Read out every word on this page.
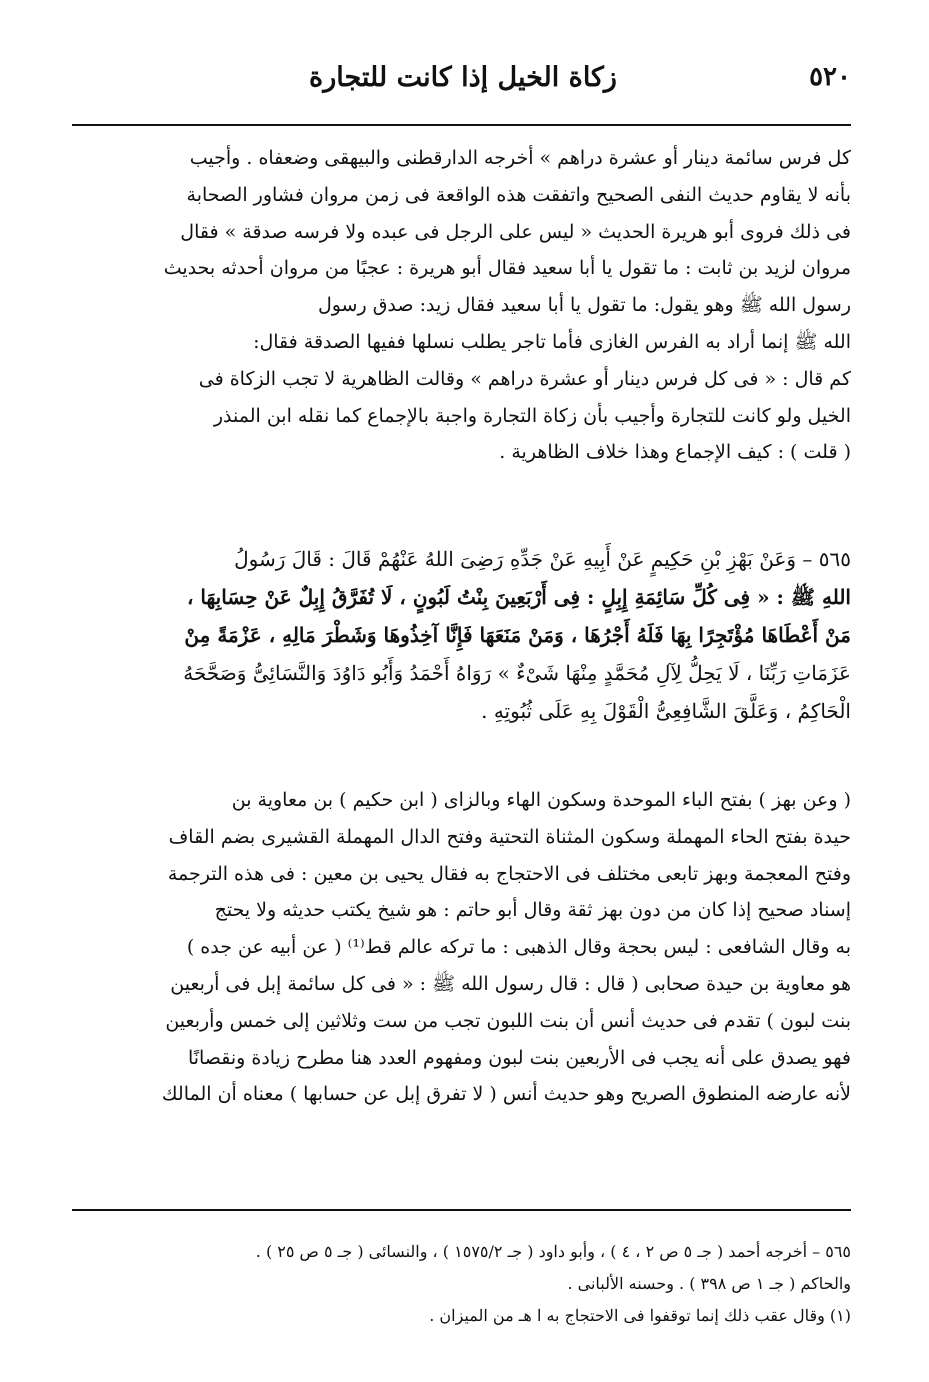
٥٢٠
زكاة الخيل إذا كانت للتجارة
كل فرس سائمة دينار أو عشرة دراهم » أخرجه الدارقطنى والبيهقى وضعفاه . وأجيب
بأنه لا يقاوم حديث النفى الصحيح واتفقت هذه الواقعة فى زمن مروان فشاور الصحابة
فى ذلك فروى أبو هريرة الحديث « ليس على الرجل فى عبده ولا فرسه صدقة » فقال
مروان لزيد بن ثابت : ما تقول يا أبا سعيد فقال أبو هريرة : عجبًا من مروان أحدثه بحديث
رسول الله ﷺ وهو يقول: ما تقول يا أبا سعيد فقال زيد: صدق رسول
الله ﷺ إنما أراد به الفرس الغازى فأما تاجر يطلب نسلها ففيها الصدقة فقال:
كم قال : « فى كل فرس دينار أو عشرة دراهم » وقالت الظاهرية لا تجب الزكاة فى
الخيل ولو كانت للتجارة وأجيب بأن زكاة التجارة واجبة بالإجماع كما نقله ابن المنذر
( قلت ) : كيف الإجماع وهذا خلاف الظاهرية .
٥٦٥ – وَعَنْ بَهْزِ بْنِ حَكِيمٍ عَنْ أَبِيهِ عَنْ جَدِّهِ رَضِىَ اللهُ عَنْهُمْ قَالَ : قَالَ رَسُولُ
اللهِ ﷺ : « فِى كُلِّ سَائِمَةِ إِبِلٍ : فِى أَرْبَعِينَ بِنْتُ لَبُونٍ ، لَا تُفَرَّقُ إِبِلٌ عَنْ حِسَابِهَا ،
مَنْ أَعْطَاهَا مُؤْتَجِرًا بِهَا فَلَهُ أَجْرُهَا ، وَمَنْ مَنَعَهَا فَإِنَّا آخِذُوهَا وَشَطْرَ مَالِهِ ، عَزْمَةً مِنْ
عَزَمَاتِ رَبِّنَا ، لَا يَحِلُّ لِآلِ مُحَمَّدٍ مِنْهَا شَىْءٌ » رَوَاهُ أَحْمَدُ وَأَبُو دَاوُدَ وَالنَّسَائِىُّ وَصَحَّحَهُ
الْحَاكِمُ ، وَعَلَّقَ الشَّافِعِىُّ الْقَوْلَ بِهِ عَلَى ثُبُوتِهِ .
( وعن بهز ) بفتح الباء الموحدة وسكون الهاء وبالزاى ( ابن حكيم ) بن معاوية بن
حيدة بفتح الحاء المهملة وسكون المثناة التحتية وفتح الدال المهملة القشيرى بضم القاف
وفتح المعجمة وبهز تابعى مختلف فى الاحتجاج به فقال يحيى بن معين : فى هذه الترجمة
إسناد صحيح إذا كان من دون بهز ثقة وقال أبو حاتم : هو شيخ يكتب حديثه ولا يحتج
به وقال الشافعى : ليس بحجة وقال الذهبى : ما تركه عالم قط⁽¹⁾ ( عن أبيه عن جده )
هو معاوية بن حيدة صحابى ( قال : قال رسول الله ﷺ : « فى كل سائمة إبل فى أربعين
بنت لبون ) تقدم فى حديث أنس أن بنت اللبون تجب من ست وثلاثين إلى خمس وأربعين
فهو يصدق على أنه يجب فى الأربعين بنت لبون ومفهوم العدد هنا مطرح زيادة ونقصانًا
لأنه عارضه المنطوق الصريح وهو حديث أنس ( لا تفرق إبل عن حسابها ) معناه أن المالك
٥٦٥ – أخرجه أحمد ( جـ ٥ ص ٢ ، ٤ ) ، وأبو داود ( جـ ١٥٧٥/٢ ) ، والنسائى ( جـ ٥ ص ٢٥ ) .
والحاكم ( جـ ١ ص ٣٩٨ ) . وحسنه الألبانى .
(١) وقال عقب ذلك إنما توقفوا فى الاحتجاج به ا هـ من الميزان .
